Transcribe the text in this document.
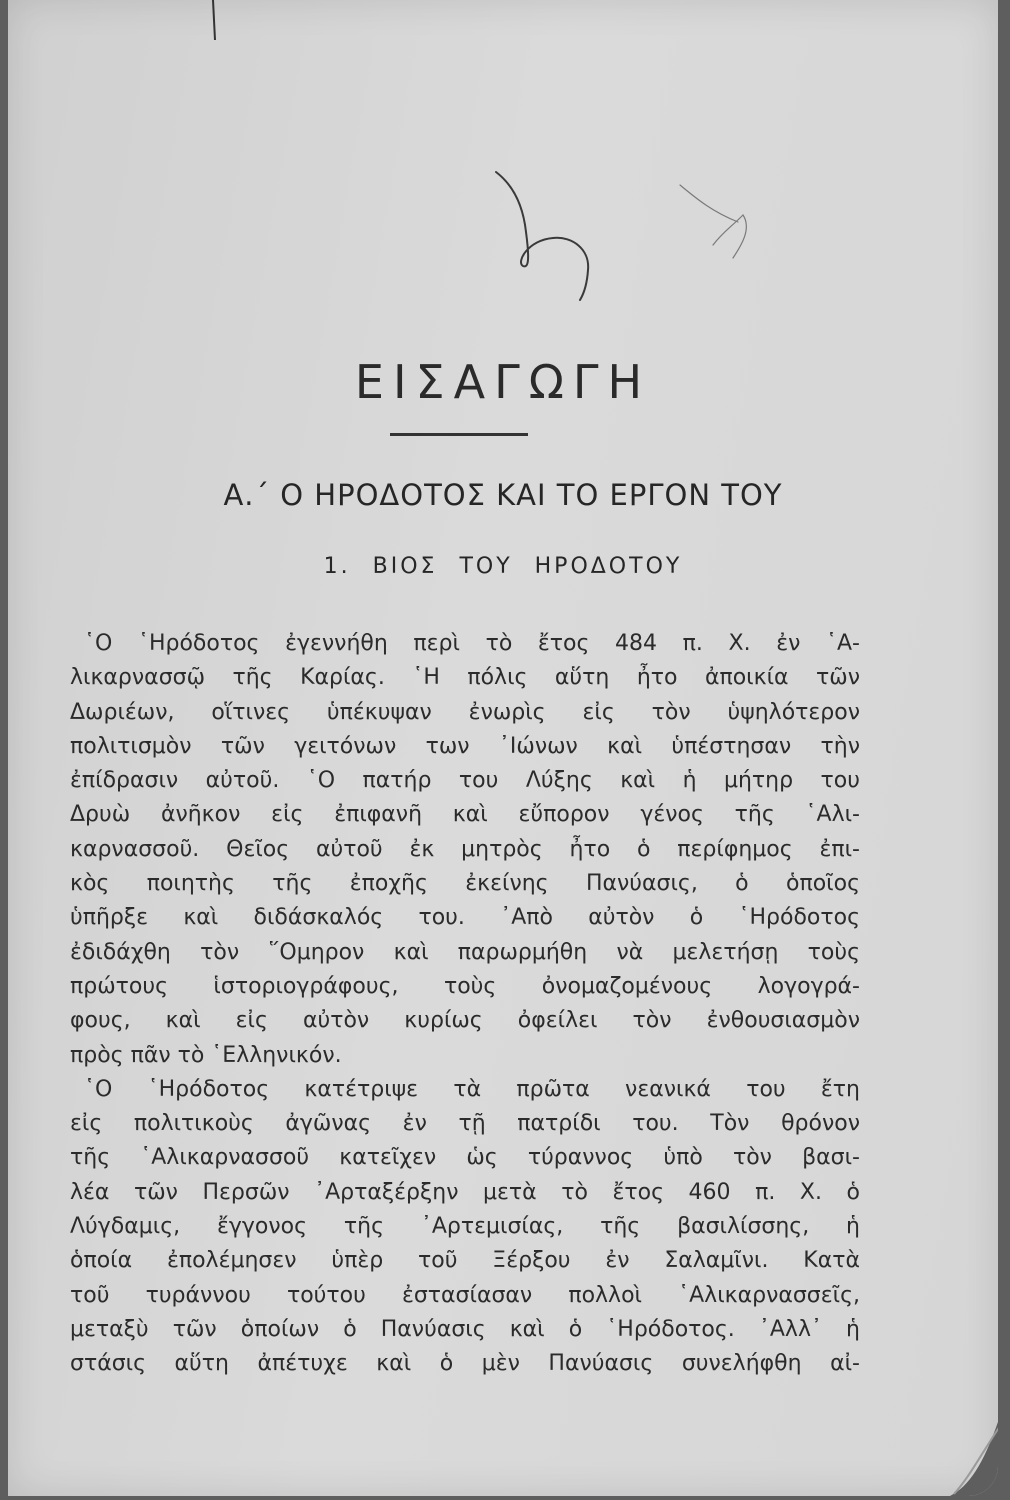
ΕΙΣΑΓΩΓΗ
Α.΄ Ο ΗΡΟΔΟΤΟΣ ΚΑΙ ΤΟ ΕΡΓΟΝ ΤΟΥ
1. ΒΙΟΣ ΤΟΥ ΗΡΟΔΟΤΟΥ
῾Ο ῾Ηρόδοτος ἐγεννήθη περὶ τὸ ἔτος 484 π. Χ. ἐν ῾Α-
λικαρνασσῷ τῆς Καρίας. ῾Η πόλις αὕτη ἦτο ἀποικία τῶν
Δωριέων, οἵτινες ὑπέκυψαν ἐνωρὶς εἰς τὸν ὑψηλότερον
πολιτισμὸν τῶν γειτόνων των ᾿Ιώνων καὶ ὑπέστησαν τὴν
ἐπίδρασιν αὐτοῦ. ῾Ο πατήρ του Λύξης καὶ ἡ μήτηρ του
Δρυὼ ἀνῆκον εἰς ἐπιφανῆ καὶ εὔπορον γένος τῆς ῾Αλι-
καρνασσοῦ. Θεῖος αὐτοῦ ἐκ μητρὸς ἦτο ὁ περίφημος ἐπι-
κὸς ποιητὴς τῆς ἐποχῆς ἐκείνης Πανύασις, ὁ ὁποῖος
ὑπῆρξε καὶ διδάσκαλός του. ᾿Απὸ αὐτὸν ὁ ῾Ηρόδοτος
ἐδιδάχθη τὸν ῞Ομηρον καὶ παρωρμήθη νὰ μελετήσῃ τοὺς
πρώτους ἱστοριογράφους, τοὺς ὀνομαζομένους λογογρά-
φους, καὶ εἰς αὐτὸν κυρίως ὀφείλει τὸν ἐνθουσιασμὸν
πρὸς πᾶν τὸ ῾Ελληνικόν.
῾Ο ῾Ηρόδοτος κατέτριψε τὰ πρῶτα νεανικά του ἔτη
εἰς πολιτικοὺς ἀγῶνας ἐν τῇ πατρίδι του. Τὸν θρόνον
τῆς ῾Αλικαρνασσοῦ κατεῖχεν ὡς τύραννος ὑπὸ τὸν βασι-
λέα τῶν Περσῶν ᾿Αρταξέρξην μετὰ τὸ ἔτος 460 π. Χ. ὁ
Λύγδαμις, ἔγγονος τῆς ᾿Αρτεμισίας, τῆς βασιλίσσης, ἡ
ὁποία ἐπολέμησεν ὑπὲρ τοῦ Ξέρξου ἐν Σαλαμῖνι. Κατὰ
τοῦ τυράννου τούτου ἐστασίασαν πολλοὶ ῾Αλικαρνασσεῖς,
μεταξὺ τῶν ὁποίων ὁ Πανύασις καὶ ὁ ῾Ηρόδοτος. ᾿Αλλ᾿ ἡ
στάσις αὕτη ἀπέτυχε καὶ ὁ μὲν Πανύασις συνελήφθη αἰ-
